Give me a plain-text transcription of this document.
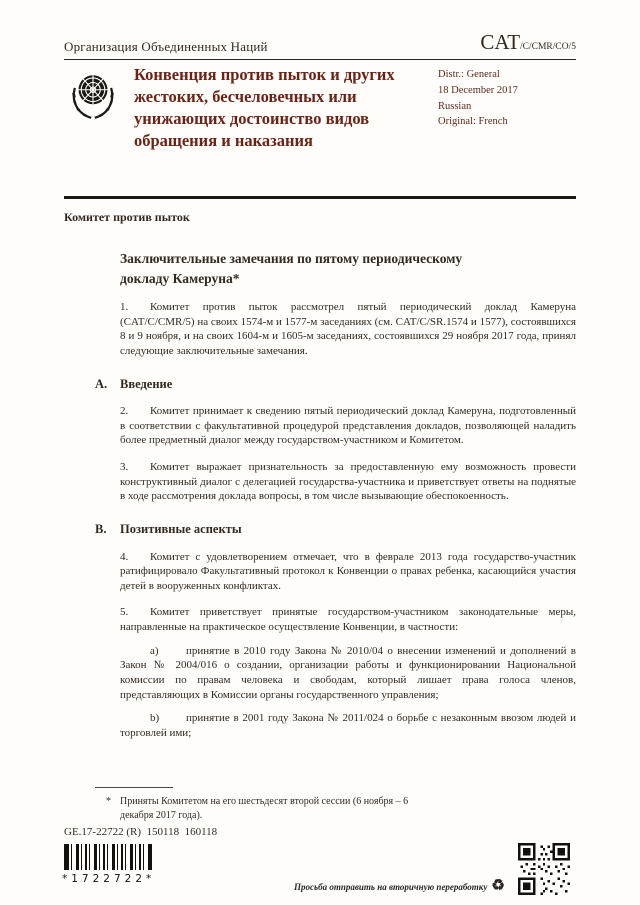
Организация Объединенных Наций	CAT/C/CMR/CO/5
Конвенция против пыток и других жестоких, бесчеловечных или унижающих достоинство видов обращения и наказания
Distr.: General
18 December 2017
Russian
Original: French
Комитет против пыток
Заключительные замечания по пятому периодическому докладу Камеруна*

1. Комитет против пыток рассмотрел пятый периодический доклад Камеруна (CAT/C/CMR/5) на своих 1574-м и 1577-м заседаниях (см. CAT/C/SR.1574 и 1577), состоявшихся 8 и 9 ноября, и на своих 1604-м и 1605-м заседаниях, состоявшихся 29 ноября 2017 года, принял следующие заключительные замечания.

A. Введение

2. Комитет принимает к сведению пятый периодический доклад Камеруна, подготовленный в соответствии с факультативной процедурой представления докладов, позволяющей наладить более предметный диалог между государством-участником и Комитетом.

3. Комитет выражает признательность за предоставленную ему возможность провести конструктивный диалог с делегацией государства-участника и приветствует ответы на поднятые в ходе рассмотрения доклада вопросы, в том числе вызывающие обеспокоенность.

B. Позитивные аспекты

4. Комитет с удовлетворением отмечает, что в феврале 2013 года государство-участник ратифицировало Факультативный протокол к Конвенции о правах ребенка, касающийся участия детей в вооруженных конфликтах.

5. Комитет приветствует принятые государством-участником законодательные меры, направленные на практическое осуществление Конвенции, в частности:

a) принятие в 2010 году Закона № 2010/04 о внесении изменений и дополнений в Закон № 2004/016 о создании, организации работы и функционировании Национальной комиссии по правам человека и свободам, который лишает права голоса членов, представляющих в Комиссии органы государственного управления;

b) принятие в 2001 году Закона № 2011/024 о борьбе с незаконным ввозом людей и торговлей ими;

* Приняты Комитетом на его шестьдесят второй сессии (6 ноября – 6 декабря 2017 года).
GE.17-22722 (R)  150118  160118
*1722722*
Просьба отправить на вторичную переработку ♻
